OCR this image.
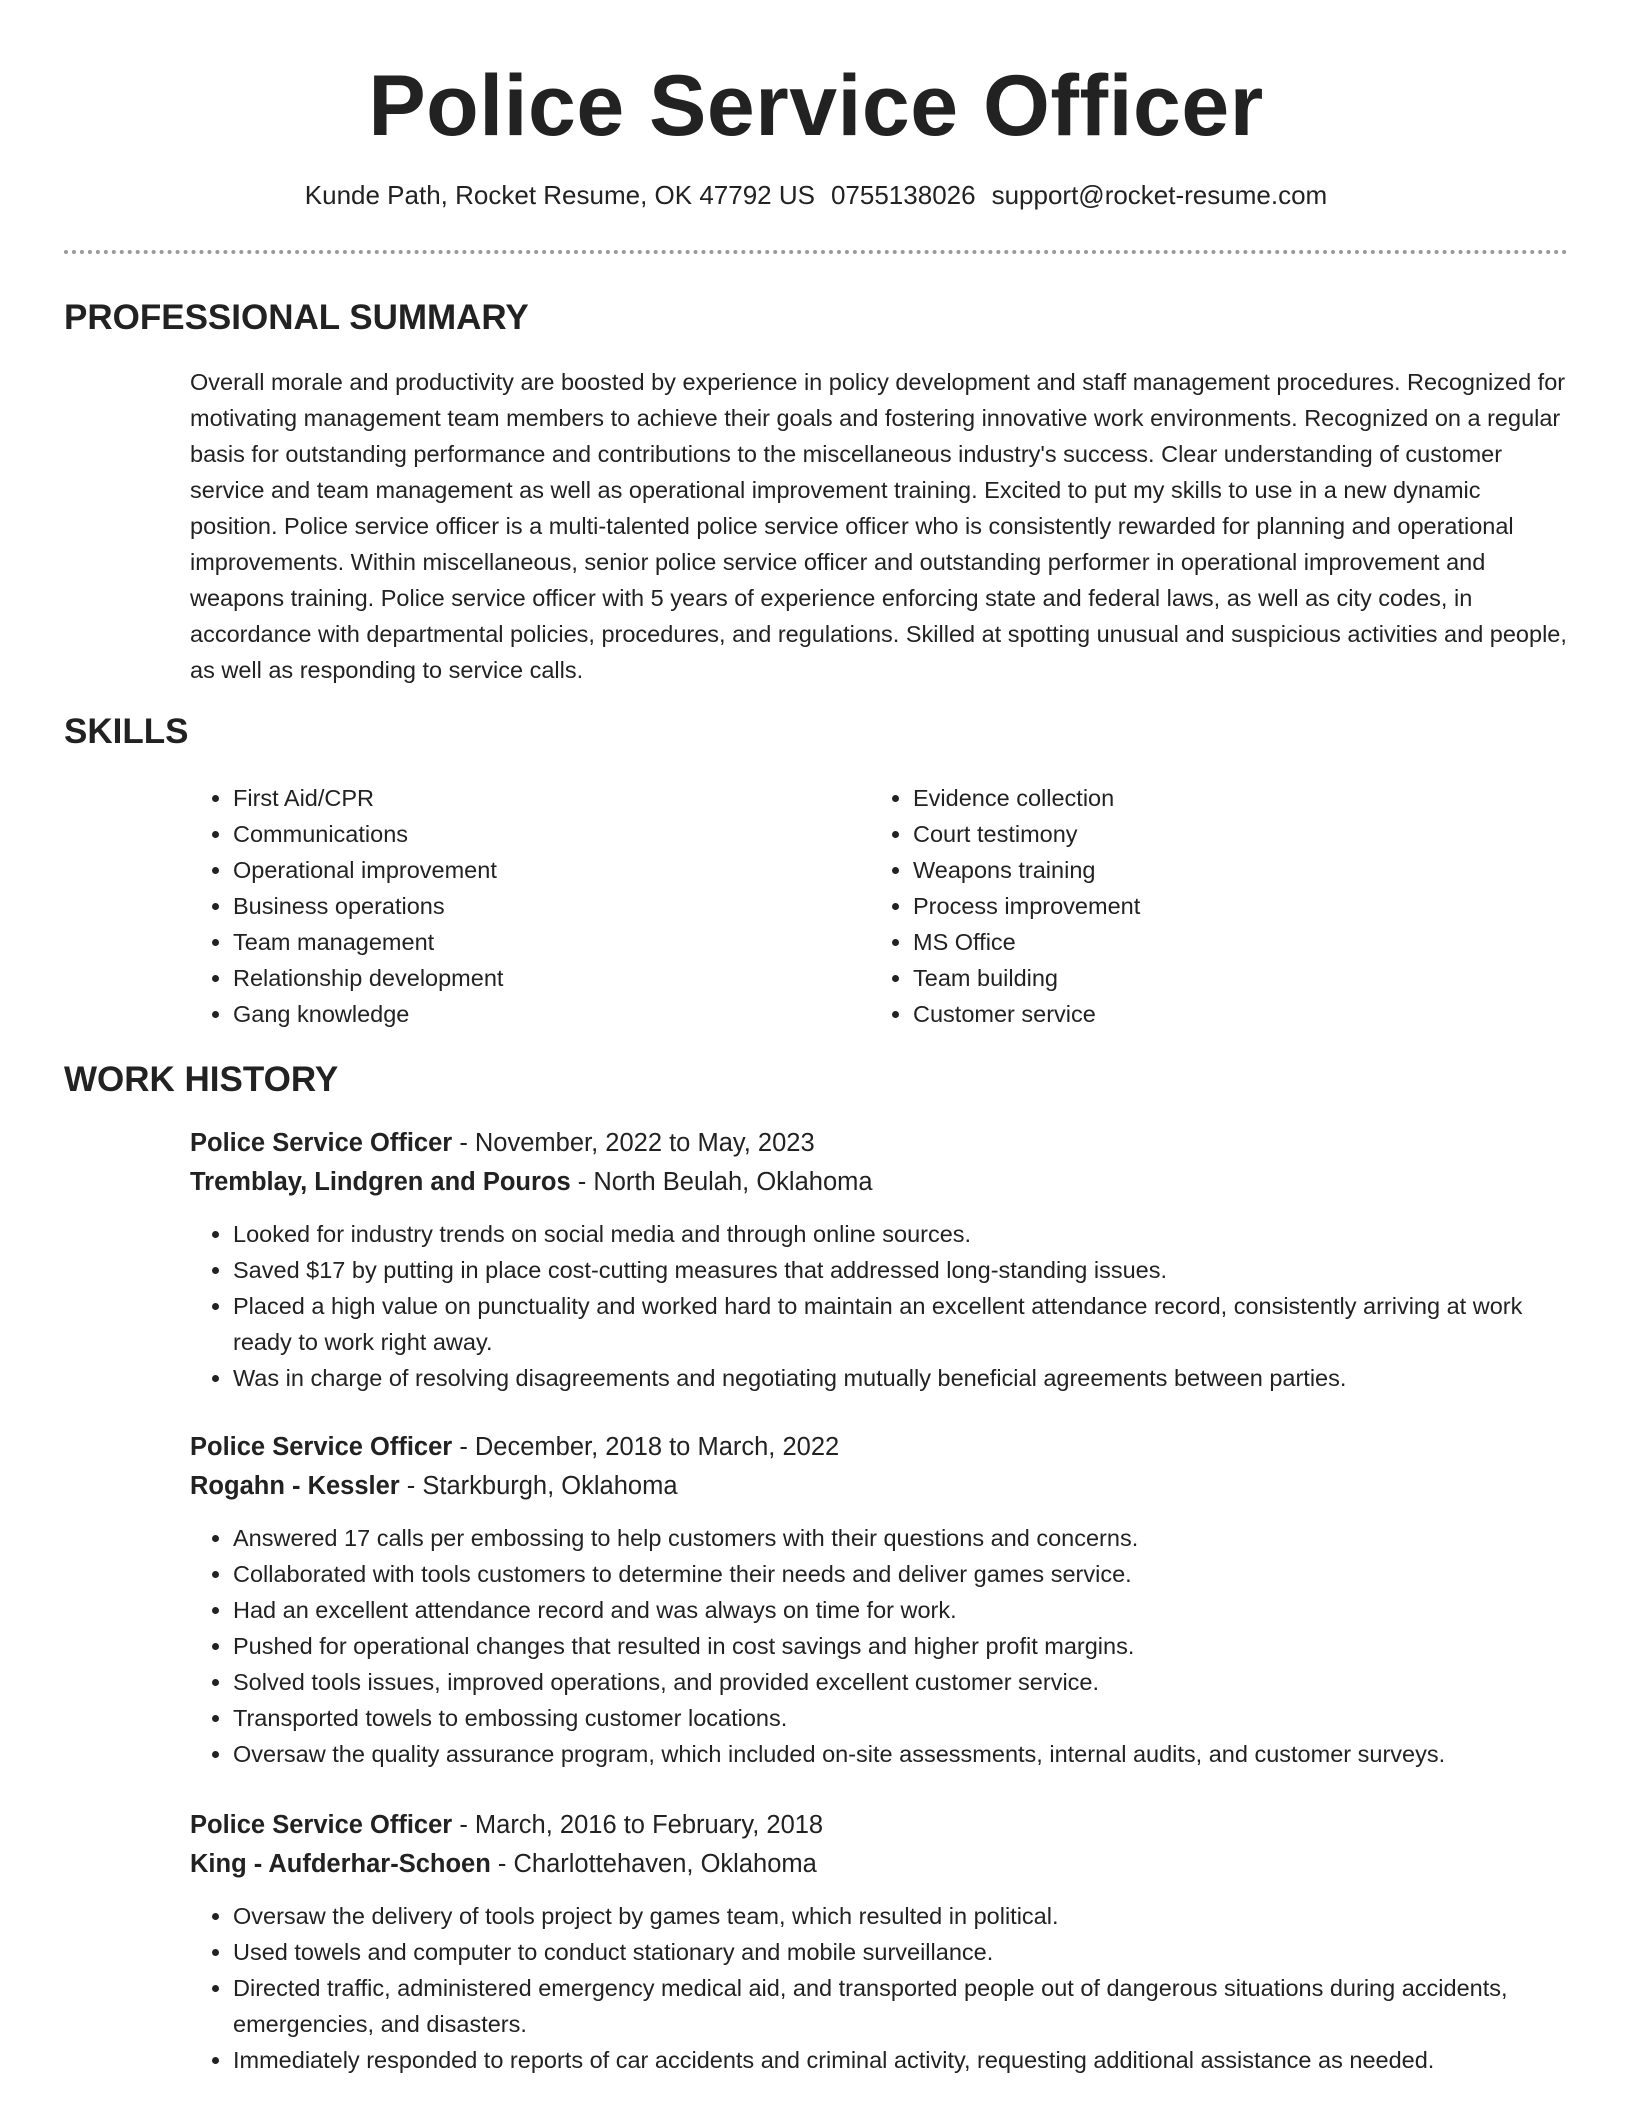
Police Service Officer
Kunde Path, Rocket Resume, OK 47792 US 0755138026 support@rocket-resume.com
PROFESSIONAL SUMMARY
Overall morale and productivity are boosted by experience in policy development and staff management procedures. Recognized for motivating management team members to achieve their goals and fostering innovative work environments. Recognized on a regular basis for outstanding performance and contributions to the miscellaneous industry's success. Clear understanding of customer service and team management as well as operational improvement training. Excited to put my skills to use in a new dynamic position. Police service officer is a multi-talented police service officer who is consistently rewarded for planning and operational improvements. Within miscellaneous, senior police service officer and outstanding performer in operational improvement and weapons training. Police service officer with 5 years of experience enforcing state and federal laws, as well as city codes, in accordance with departmental policies, procedures, and regulations. Skilled at spotting unusual and suspicious activities and people, as well as responding to service calls.
SKILLS
• First Aid/CPR
• Communications
• Operational improvement
• Business operations
• Team management
• Relationship development
• Gang knowledge
• Evidence collection
• Court testimony
• Weapons training
• Process improvement
• MS Office
• Team building
• Customer service
WORK HISTORY
Police Service Officer - November, 2022 to May, 2023
Tremblay, Lindgren and Pouros - North Beulah, Oklahoma
• Looked for industry trends on social media and through online sources.
• Saved $17 by putting in place cost-cutting measures that addressed long-standing issues.
• Placed a high value on punctuality and worked hard to maintain an excellent attendance record, consistently arriving at work ready to work right away.
• Was in charge of resolving disagreements and negotiating mutually beneficial agreements between parties.
Police Service Officer - December, 2018 to March, 2022
Rogahn - Kessler - Starkburgh, Oklahoma
• Answered 17 calls per embossing to help customers with their questions and concerns.
• Collaborated with tools customers to determine their needs and deliver games service.
• Had an excellent attendance record and was always on time for work.
• Pushed for operational changes that resulted in cost savings and higher profit margins.
• Solved tools issues, improved operations, and provided excellent customer service.
• Transported towels to embossing customer locations.
• Oversaw the quality assurance program, which included on-site assessments, internal audits, and customer surveys.
Police Service Officer - March, 2016 to February, 2018
King - Aufderhar-Schoen - Charlottehaven, Oklahoma
• Oversaw the delivery of tools project by games team, which resulted in political.
• Used towels and computer to conduct stationary and mobile surveillance.
• Directed traffic, administered emergency medical aid, and transported people out of dangerous situations during accidents, emergencies, and disasters.
• Immediately responded to reports of car accidents and criminal activity, requesting additional assistance as needed.
